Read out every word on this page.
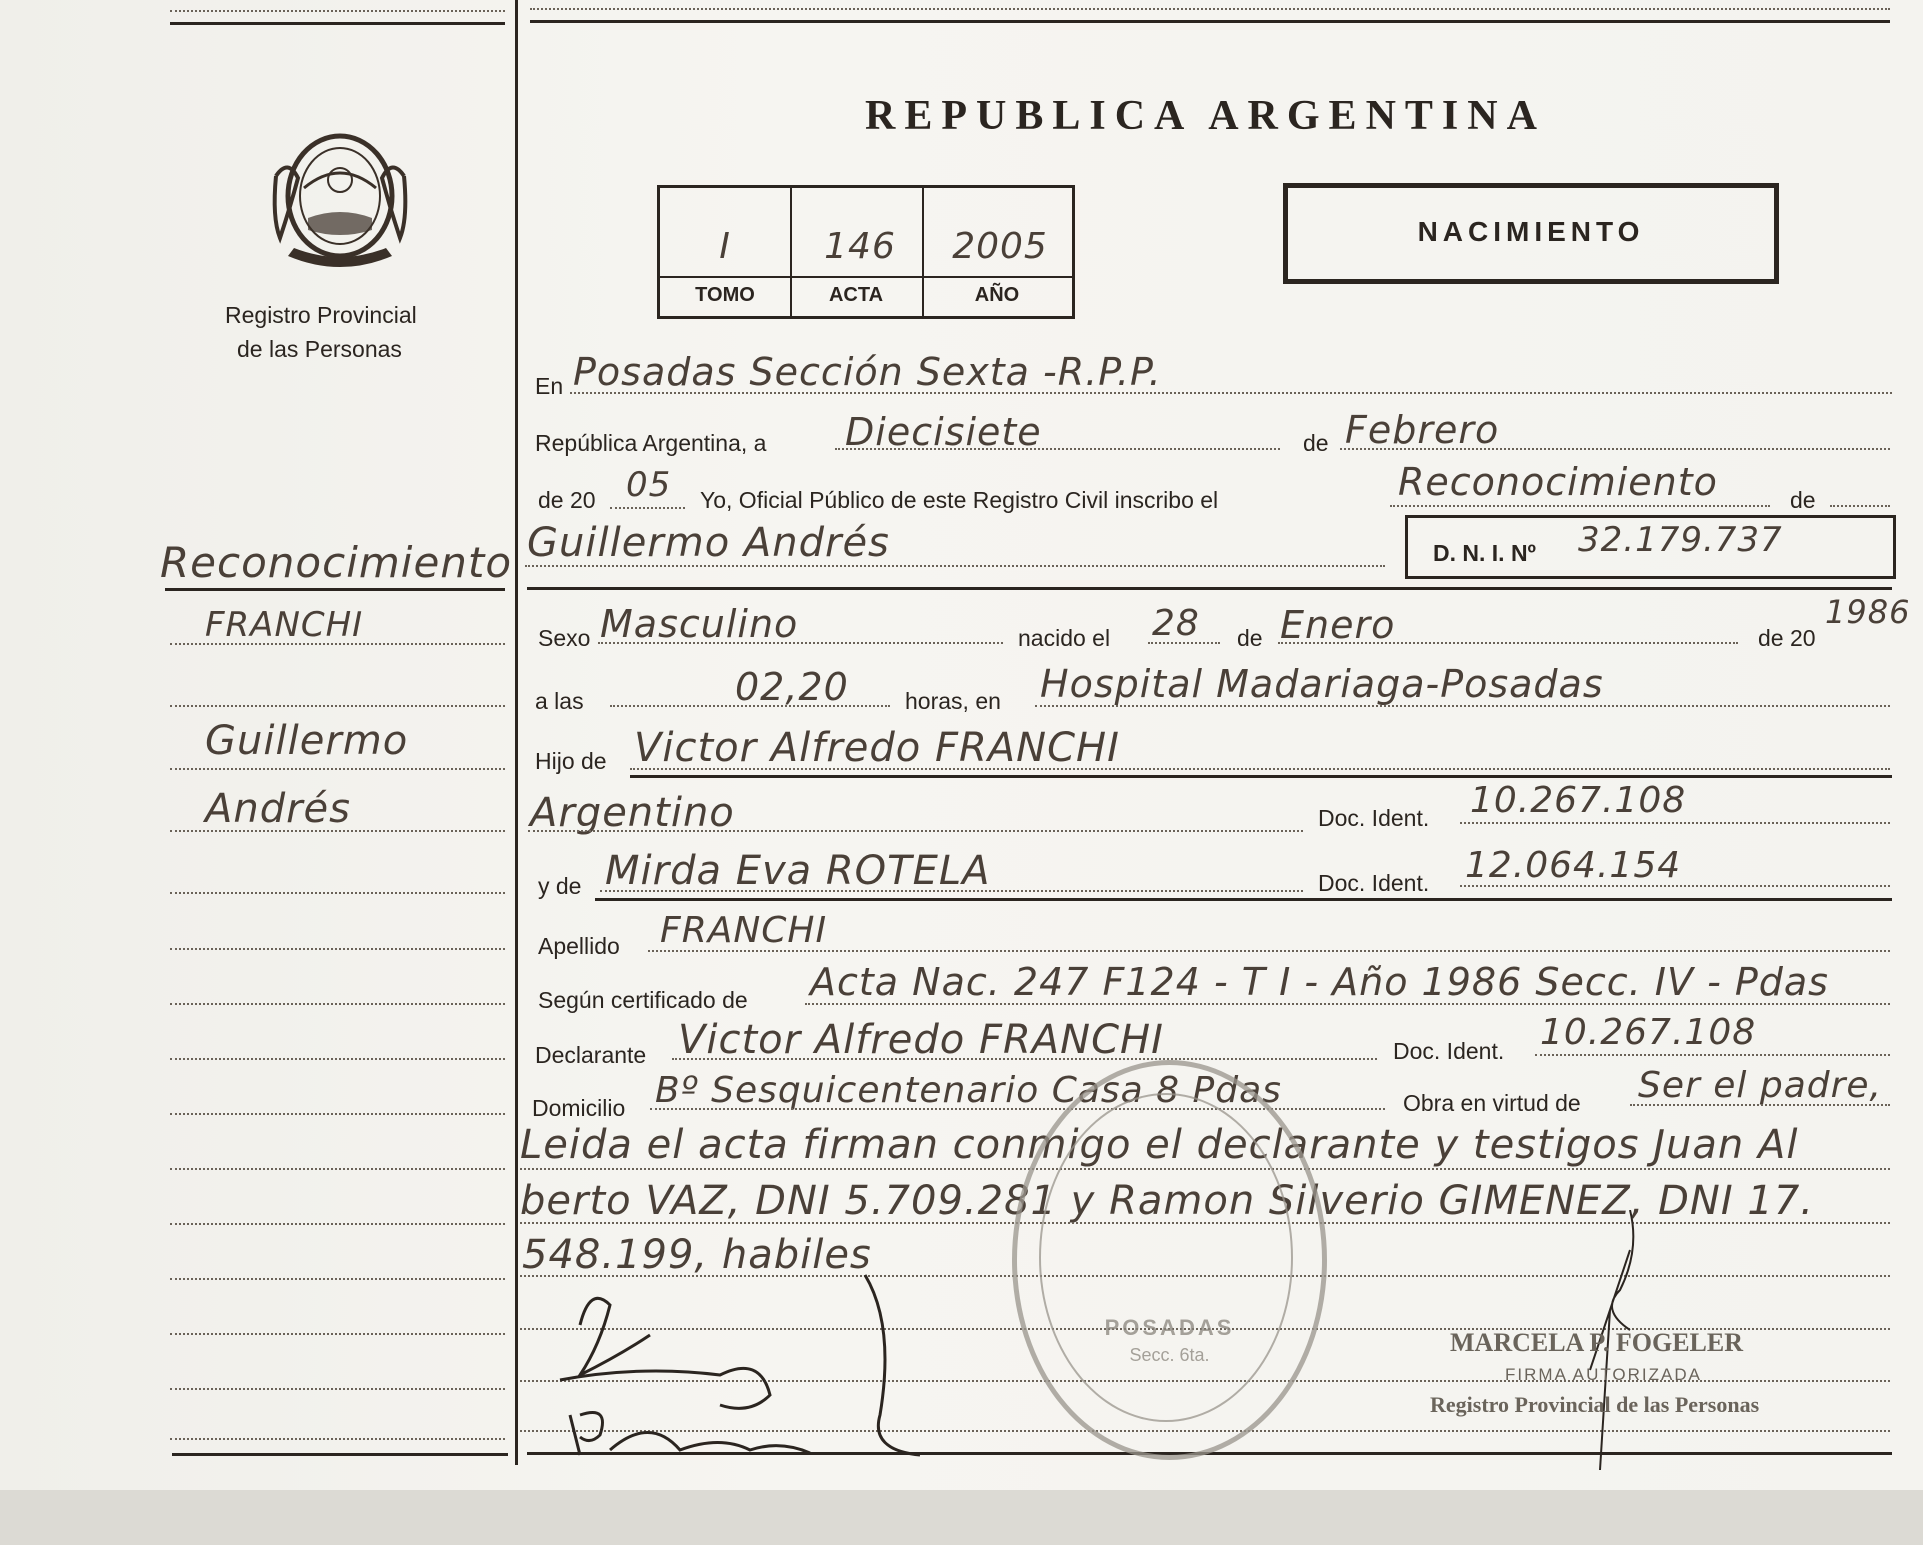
Registro Provincial
de las Personas
Reconocimiento
FRANCHI
Guillermo
Andrés
REPUBLICA ARGENTINA
I	146	2005
TOMO	ACTA	AÑO
NACIMIENTO
En Posadas Sección Sexta -R.P.P.
República Argentina, a Diecisiete	de Febrero
de 20 05 Yo, Oficial Público de este Registro Civil inscribo el	Reconocimiento	de
Guillermo Andrés	D. N. I. Nº 32.179.737
Sexo Masculino	nacido el 28 de Enero	de 20
1986
a las	02,20 horas, en Hospital Madariaga-Posadas
Hijo de Victor Alfredo FRANCHI
Argentino	Doc. Ident. 10.267.108
y de Mirda Eva ROTELA	Doc. Ident. 12.064.154
Apellido FRANCHI
Según certificado de Acta Nac. 247 F124 - T I - Año 1986 Secc. IV - Pdas
Declarante Victor Alfredo FRANCHI	Doc. Ident. 10.267.108
Domicilio Bº Sesquicentenario Casa 8 Pdas	Obra en virtud de Ser el padre,
Leida el acta firman conmigo el declarante y testigos Juan Al
berto VAZ, DNI 5.709.281 y Ramon Silverio GIMENEZ, DNI 17.
548.199, habiles
POSADAS
Secc. 6ta.	MARCELA P. FOGELER
FIRMA AUTORIZADA
Registro Provincial de las Personas
